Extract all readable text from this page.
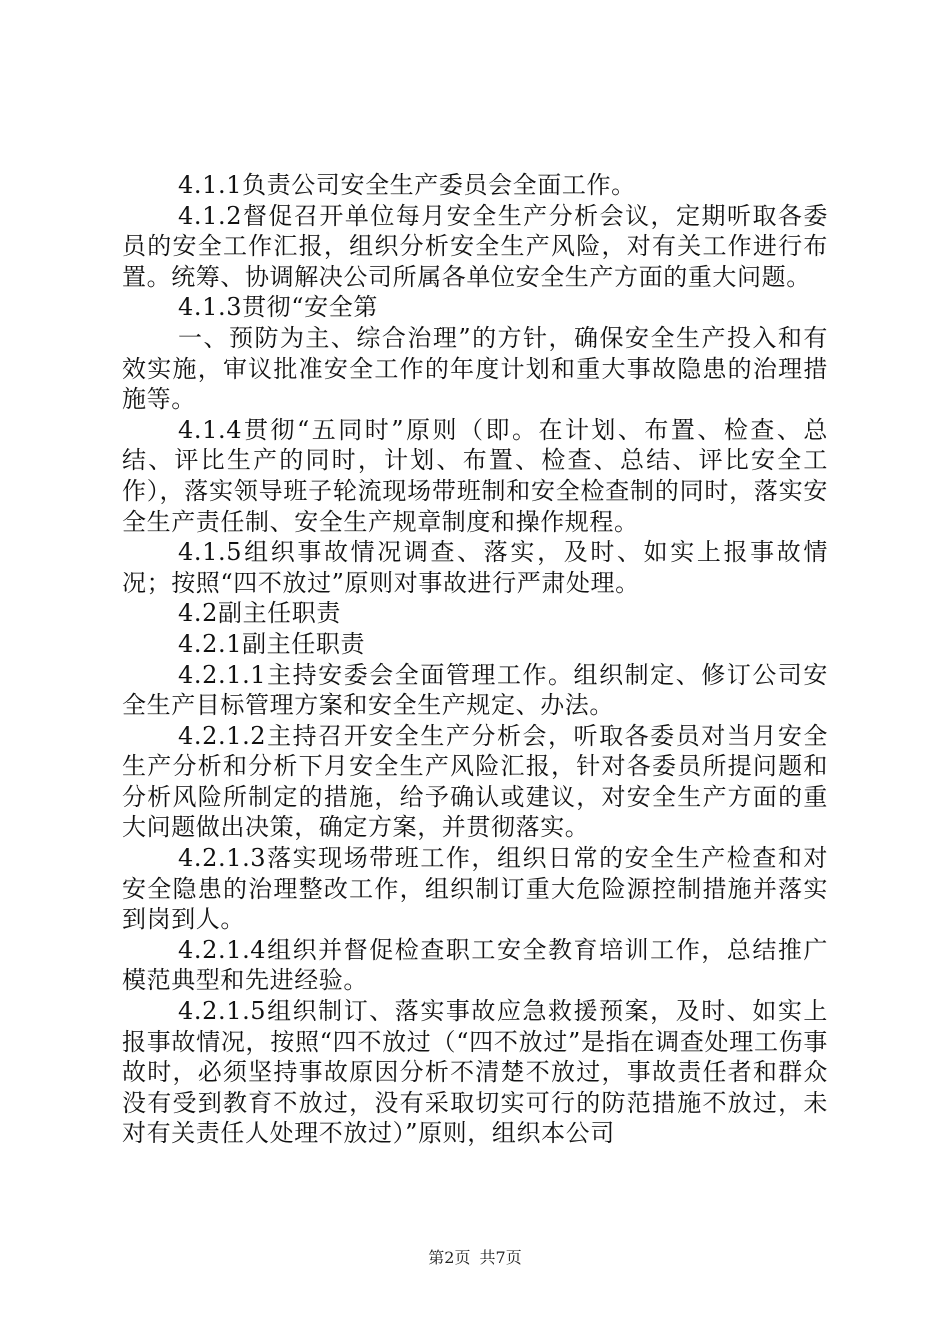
4.1.1负责公司安全生产委员会全面工作。

4.1.2督促召开单位每月安全生产分析会议，定期听取各委员的安全工作汇报，组织分析安全生产风险，对有关工作进行布置。统筹、协调解决公司所属各单位安全生产方面的重大问题。

4.1.3贯彻“安全第

一、预防为主、综合治理”的方针，确保安全生产投入和有效实施，审议批准安全工作的年度计划和重大事故隐患的治理措施等。

4.1.4贯彻“五同时”原则（即。在计划、布置、检查、总结、评比生产的同时，计划、布置、检查、总结、评比安全工作），落实领导班子轮流现场带班制和安全检查制的同时，落实安全生产责任制、安全生产规章制度和操作规程。

4.1.5组织事故情况调查、落实，及时、如实上报事故情况；按照“四不放过”原则对事故进行严肃处理。

4.2副主任职责

4.2.1副主任职责

4.2.1.1主持安委会全面管理工作。组织制定、修订公司安全生产目标管理方案和安全生产规定、办法。

4.2.1.2主持召开安全生产分析会，听取各委员对当月安全生产分析和分析下月安全生产风险汇报，针对各委员所提问题和分析风险所制定的措施，给予确认或建议，对安全生产方面的重大问题做出决策，确定方案，并贯彻落实。

4.2.1.3落实现场带班工作，组织日常的安全生产检查和对安全隐患的治理整改工作，组织制订重大危险源控制措施并落实到岗到人。

4.2.1.4组织并督促检查职工安全教育培训工作，总结推广模范典型和先进经验。

4.2.1.5组织制订、落实事故应急救援预案，及时、如实上报事故情况，按照“四不放过（“四不放过”是指在调查处理工伤事故时，必须坚持事故原因分析不清楚不放过，事故责任者和群众没有受到教育不放过，没有采取切实可行的防范措施不放过，未对有关责任人处理不放过）”原则，组织本公司

第2页 共7页
